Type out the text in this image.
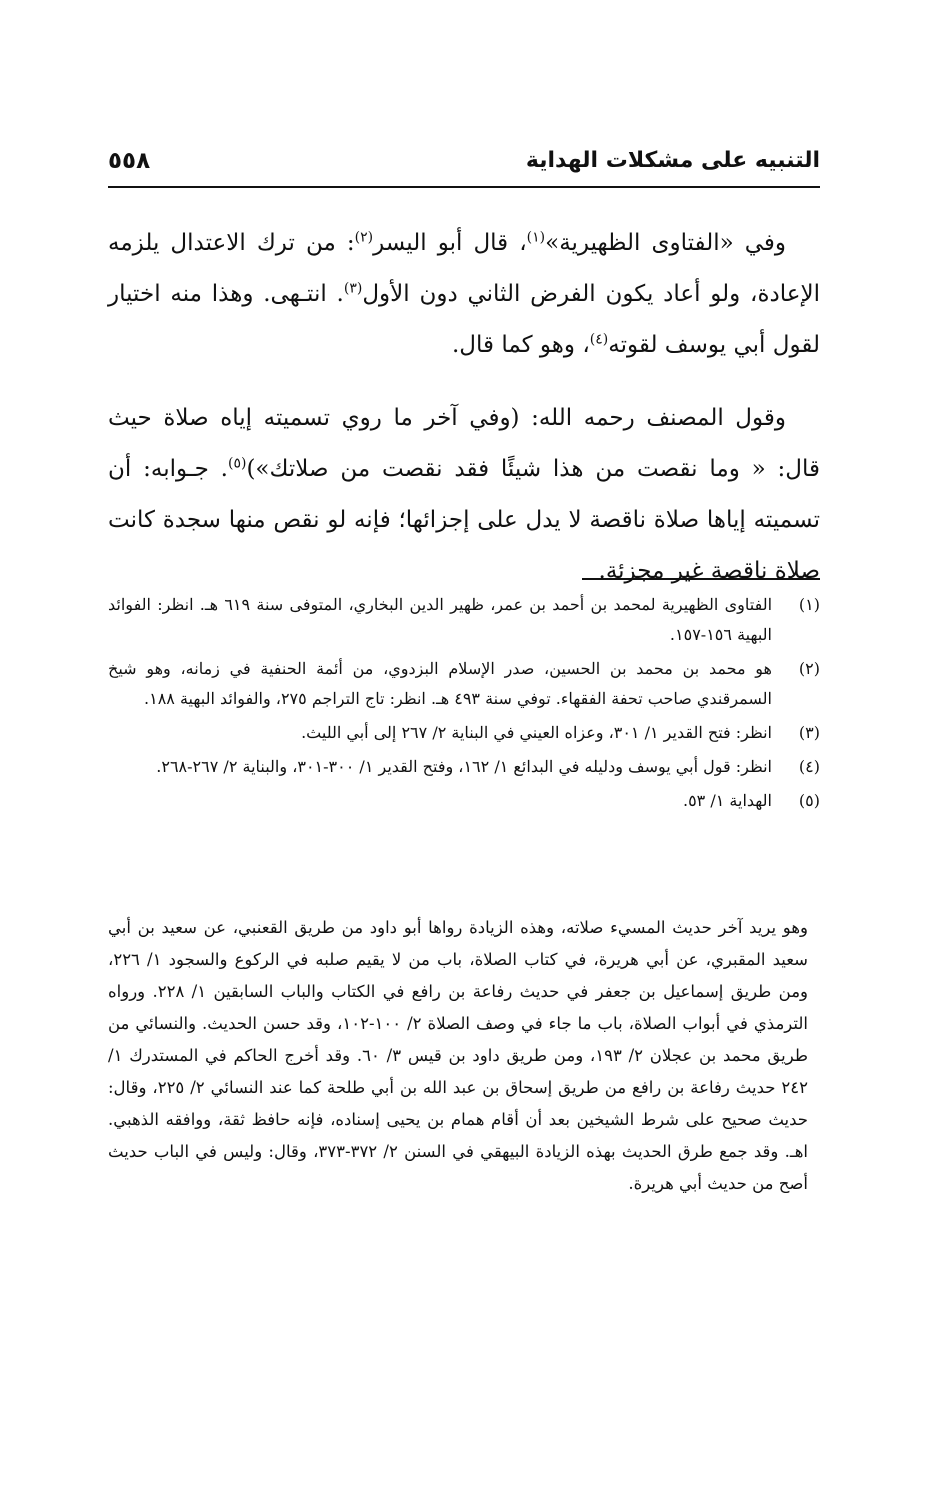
التنبيه على مشكلات الهداية
٥٥٨

وفي «الفتاوى الظهيرية»$^{(١)}$، قال أبو اليسر$^{(٢)}$: من ترك الاعتدال يلزمه الإعادة، ولو أعاد يكون الفرض الثاني دون الأول$^{(٣)}$. انتـهى. وهذا منه اختيار لقول أبي يوسف لقوته$^{(٤)}$، وهو كما قال.

وقول المصنف رحمه الله: (وفي آخر ما روي تسميته إياه صلاة حيث قال: « وما نقصت من هذا شيئًا فقد نقصت من صلاتك»)$^{(٥)}$. جـوابه: أن تسميته إياها صلاة ناقصة لا يدل على إجزائها؛ فإنه لو نقص منها سجدة كانت صلاة ناقصة غير مجزئة.

(١)
الفتاوى الظهيرية لمحمد بن أحمد بن عمر، ظهير الدين البخاري، المتوفى سنة ٦١٩ هـ. انظر: الفوائد البهية ١٥٦-١٥٧.
(٢)
هو محمد بن محمد بن الحسين، صدر الإسلام البزدوي، من أئمة الحنفية في زمانه، وهو شيخ السمرقندي صاحب تحفة الفقهاء. توفي سنة ٤٩٣ هـ. انظر: تاج التراجم ٢٧٥، والفوائد البهية ١٨٨.
(٣)
انظر: فتح القدير ١/ ٣٠١، وعزاه العيني في البناية ٢/ ٢٦٧ إلى أبي الليث.
(٤)
انظر: قول أبي يوسف ودليله في البدائع ١/ ١٦٢، وفتح القدير ١/ ٣٠٠-٣٠١، والبناية ٢/ ٢٦٧-٢٦٨.
(٥)
الهداية ١/ ٥٣.
وهو يريد آخر حديث المسيء صلاته، وهذه الزيادة رواها أبو داود من طريق القعنبي، عن سعيد بن أبي سعيد المقبري، عن أبي هريرة، في كتاب الصلاة، باب من لا يقيم صلبه في الركوع والسجود ١/ ٢٢٦، ومن طريق إسماعيل بن جعفر في حديث رفاعة بن رافع في الكتاب والباب السابقين ١/ ٢٢٨. ورواه الترمذي في أبواب الصلاة، باب ما جاء في وصف الصلاة ٢/ ١٠٠-١٠٢، وقد حسن الحديث. والنسائي من طريق محمد بن عجلان ٢/ ١٩٣، ومن طريق داود بن قيس ٣/ ٦٠. وقد أخرج الحاكم في المستدرك ١/ ٢٤٢ حديث رفاعة بن رافع من طريق إسحاق بن عبد الله بن أبي طلحة كما عند النسائي ٢/ ٢٢٥، وقال: حديث صحيح على شرط الشيخين بعد أن أقام همام بن يحيى إسناده، فإنه حافظ ثقة، ووافقه الذهبي. اهـ. وقد جمع طرق الحديث بهذه الزيادة البيهقي في السنن ٢/ ٣٧٢-٣٧٣، وقال: وليس في الباب حديث أصح من حديث أبي هريرة.
